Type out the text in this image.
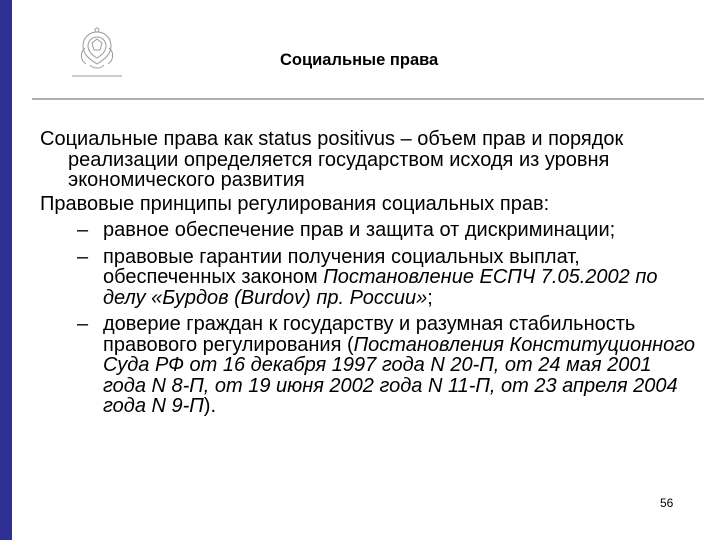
Социальные права

Социальные права как status positivus – объем прав и порядок реализации определяется государством исходя из уровня экономического развития

Правовые принципы регулирования социальных прав:

– равное обеспечение прав и защита от дискриминации;
– правовые гарантии получения социальных выплат, обеспеченных законом Постановление ЕСПЧ 7.05.2002 по делу «Бурдов (Burdov) пр. России»;
– доверие граждан к государству и разумная стабильность правового регулирования (Постановления Конституционного Суда РФ от 16 декабря 1997 года N 20-П, от 24 мая 2001 года N 8-П, от 19 июня 2002 года N 11-П, от 23 апреля 2004 года N 9-П).
56
